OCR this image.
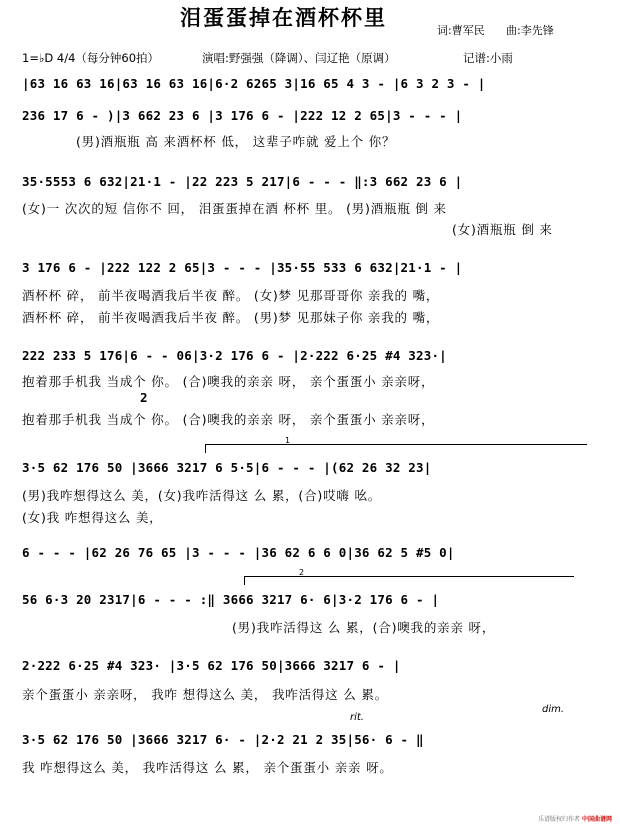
泪蛋蛋掉在酒杯杯里
词:曹军民 曲:李先锋
1=♭D 4/4（每分钟60拍）	演唱:野强强（降调）、闫辽艳（原调）	记谱:小雨
|63 16 63 16|63 16 63 16|6·2 6265 3|16 65 4 3 - |6 3 2 3 - |
236 17 6 - )|3 662 23 6 |3 176 6 - |222 12 2 65|3 - - - |
(男)酒瓶瓶 高 来酒杯杯 低， 这辈子咋就 爱上个 你？
35·5553 6 632|21·1 - |22 223 5 217|6 - - - ‖:3 662 23 6 |
(女)一 次次的短 信你不 回， 泪蛋蛋掉在酒 杯杯 里。 (男)酒瓶瓶 倒 来
(女)酒瓶瓶 倒 来
3 176 6 - |222 122 2 65|3 - - - |35·55 533 6 632|21·1 - |
酒杯杯 碎， 前半夜喝酒我后半夜 醉。 (女)梦 见那哥哥你 亲我的 嘴，
酒杯杯 碎， 前半夜喝酒我后半夜 醉。 (男)梦 见那妹子你 亲我的 嘴，
222 233 5 176|6 - - 06|3·2 176 6 - |2·222 6·25 #4 323·|
抱着那手机我 当成个 你。 (合)噢我的亲亲 呀， 亲个蛋蛋小 亲亲呀，
2
抱着那手机我 当成个 你。 (合)噢我的亲亲 呀， 亲个蛋蛋小 亲亲呀，
1
3·5 62 176 50 |3666 3217 6 5·5|6 - - - |(62 26 32 23|
(男)我咋想得这么 美，(女)我咋活得这 么 累，(合)哎嗨 吆。
(女)我 咋想得这么 美，
6 - - - |62 26 76 65 |3 - - - |36 62 6 6 0|36 62 5 #5 0|
2
56 6·3 20 2317|6 - - - :‖ 3666 3217 6· 6|3·2 176 6 - |
(男)我咋活得这 么 累，(合)噢我的亲亲 呀，
2·222 6·25 #4 323· |3·5 62 176 50|3666 3217 6 - |
亲个蛋蛋小 亲亲呀， 我咋 想得这么 美， 我咋活得这 么 累。
rit.
dim.
3·5 62 176 50 |3666 3217 6· - |2·2 21 2 35|56· 6 - ‖
我 咋想得这么 美， 我咋活得这 么 累， 亲个蛋蛋小 亲亲 呀。
乐谱版权归作者 中国曲谱网
